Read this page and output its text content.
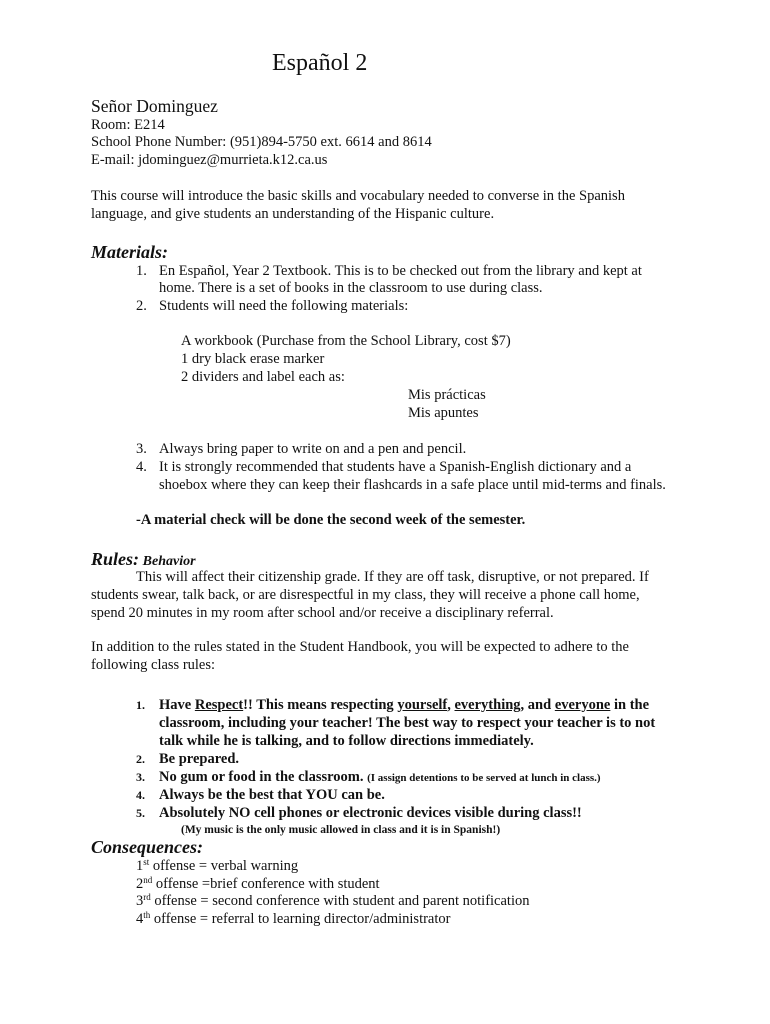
Español 2
Señor Dominguez
Room: E214
School Phone Number: (951)894-5750 ext. 6614 and 8614
E-mail: jdominguez@murrieta.k12.ca.us
This course will introduce the basic skills and vocabulary needed to converse in the Spanish
language, and give students an understanding of the Hispanic culture.
Materials:
1. En Español, Year 2 Textbook. This is to be checked out from the library and kept at
home. There is a set of books in the classroom to use during class.
2. Students will need the following materials:
A workbook (Purchase from the School Library, cost $7)
1 dry black erase marker
2 dividers and label each as:
Mis prácticas
Mis apuntes
3. Always bring paper to write on and a pen and pencil.
4. It is strongly recommended that students have a Spanish-English dictionary and a
shoebox where they can keep their flashcards in a safe place until mid-terms and finals.
-A material check will be done the second week of the semester.
Rules: Behavior
This will affect their citizenship grade. If they are off task, disruptive, or not prepared. If
students swear, talk back, or are disrespectful in my class, they will receive a phone call home,
spend 20 minutes in my room after school and/or receive a disciplinary referral.
In addition to the rules stated in the Student Handbook, you will be expected to adhere to the
following class rules:
1. Have Respect!! This means respecting yourself, everything, and everyone in the
classroom, including your teacher! The best way to respect your teacher is to not
talk while he is talking, and to follow directions immediately.
2. Be prepared.
3. No gum or food in the classroom. (I assign detentions to be served at lunch in class.)
4. Always be the best that YOU can be.
5. Absolutely NO cell phones or electronic devices visible during class!!
(My music is the only music allowed in class and it is in Spanish!)
Consequences:
1st offense = verbal warning
2nd offense =brief conference with student
3rd offense = second conference with student and parent notification
4th offense = referral to learning director/administrator
